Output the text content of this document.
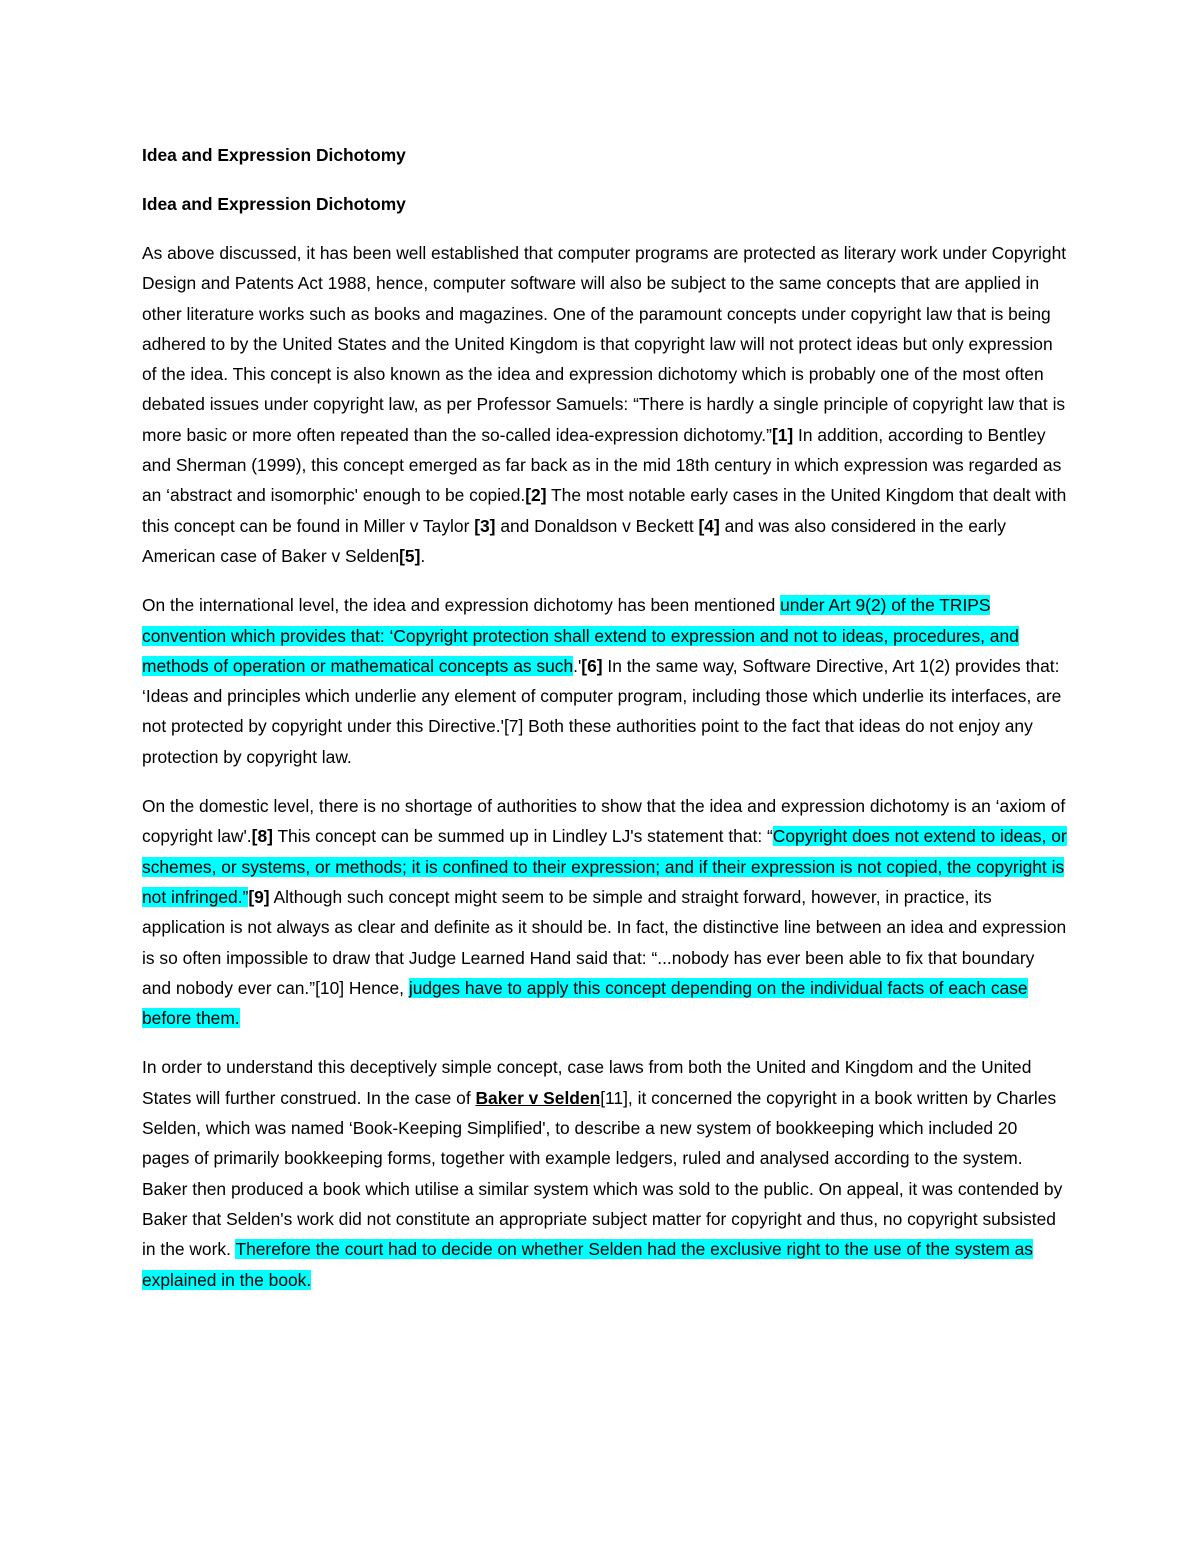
Idea and Expression Dichotomy
Idea and Expression Dichotomy

As above discussed, it has been well established that computer programs are protected as literary work under Copyright Design and Patents Act 1988, hence, computer software will also be subject to the same concepts that are applied in other literature works such as books and magazines. One of the paramount concepts under copyright law that is being adhered to by the United States and the United Kingdom is that copyright law will not protect ideas but only expression of the idea. This concept is also known as the idea and expression dichotomy which is probably one of the most often debated issues under copyright law, as per Professor Samuels: “There is hardly a single principle of copyright law that is more basic or more often repeated than the so-called idea-expression dichotomy.”[1] In addition, according to Bentley and Sherman (1999), this concept emerged as far back as in the mid 18th century in which expression was regarded as an ‘abstract and isomorphic' enough to be copied.[2] The most notable early cases in the United Kingdom that dealt with this concept can be found in Miller v Taylor [3] and Donaldson v Beckett [4] and was also considered in the early American case of Baker v Selden[5].

On the international level, the idea and expression dichotomy has been mentioned under Art 9(2) of the TRIPS convention which provides that: ‘Copyright protection shall extend to expression and not to ideas, procedures, and methods of operation or mathematical concepts as such.'[6] In the same way, Software Directive, Art 1(2) provides that: ‘Ideas and principles which underlie any element of computer program, including those which underlie its interfaces, are not protected by copyright under this Directive.'[7] Both these authorities point to the fact that ideas do not enjoy any protection by copyright law.

On the domestic level, there is no shortage of authorities to show that the idea and expression dichotomy is an ‘axiom of copyright law'.[8] This concept can be summed up in Lindley LJ's statement that: “Copyright does not extend to ideas, or schemes, or systems, or methods; it is confined to their expression; and if their expression is not copied, the copyright is not infringed.”[9] Although such concept might seem to be simple and straight forward, however, in practice, its application is not always as clear and definite as it should be. In fact, the distinctive line between an idea and expression is so often impossible to draw that Judge Learned Hand said that: “...nobody has ever been able to fix that boundary and nobody ever can.”[10] Hence, judges have to apply this concept depending on the individual facts of each case before them.

In order to understand this deceptively simple concept, case laws from both the United and Kingdom and the United States will further construed. In the case of Baker v Selden[11], it concerned the copyright in a book written by Charles Selden, which was named ‘Book-Keeping Simplified', to describe a new system of bookkeeping which included 20 pages of primarily bookkeeping forms, together with example ledgers, ruled and analysed according to the system. Baker then produced a book which utilise a similar system which was sold to the public. On appeal, it was contended by Baker that Selden's work did not constitute an appropriate subject matter for copyright and thus, no copyright subsisted in the work. Therefore the court had to decide on whether Selden had the exclusive right to the use of the system as explained in the book.
